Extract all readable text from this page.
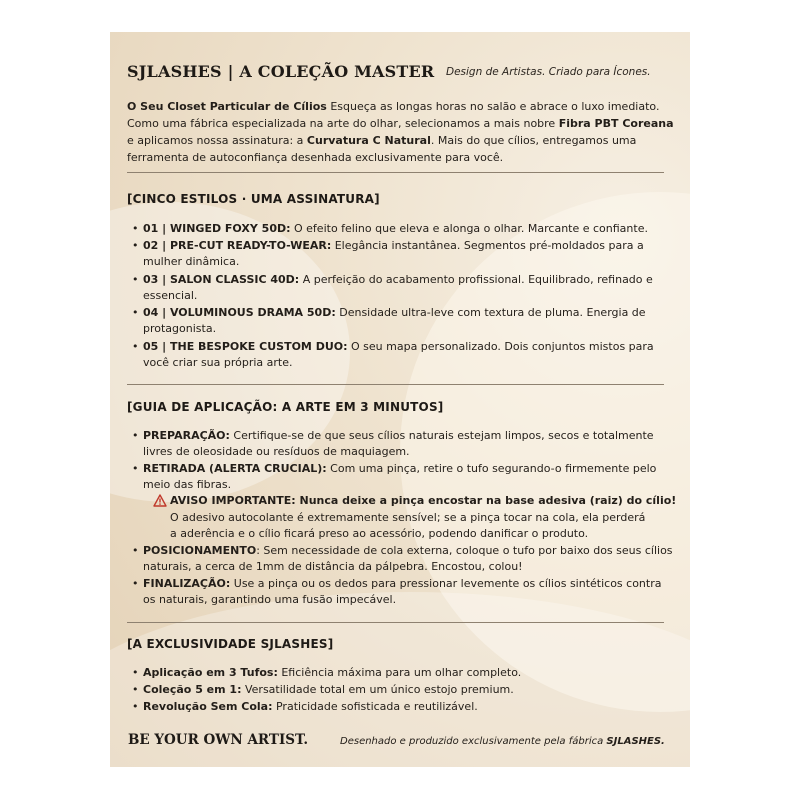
SJLASHES | A COLEÇÃO MASTER Design de Artistas. Criado para Ícones.
O Seu Closet Particular de Cílios Esqueça as longas horas no salão e abrace o luxo imediato. Como uma fábrica especializada na arte do olhar, selecionamos a mais nobre Fibra PBT Coreana e aplicamos nossa assinatura: a Curvatura C Natural. Mais do que cílios, entregamos uma ferramenta de autoconfiança desenhada exclusivamente para você.
[CINCO ESTILOS · UMA ASSINATURA]
• 01 | WINGED FOXY 50D: O efeito felino que eleva e alonga o olhar. Marcante e confiante.
• 02 | PRE-CUT READY-TO-WEAR: Elegância instantânea. Segmentos pré-moldados para a
mulher dinâmica.
• 03 | SALON CLASSIC 40D: A perfeição do acabamento profissional. Equilibrado, refinado e
essencial.
• 04 | VOLUMINOUS DRAMA 50D: Densidade ultra-leve com textura de pluma. Energia de
protagonista.
• 05 | THE BESPOKE CUSTOM DUO: O seu mapa personalizado. Dois conjuntos mistos para
você criar sua própria arte.
[GUIA DE APLICAÇÃO: A ARTE EM 3 MINUTOS]
• PREPARAÇÃO: Certifique-se de que seus cílios naturais estejam limpos, secos e totalmente
livres de oleosidade ou resíduos de maquiagem.
• RETIRADA (ALERTA CRUCIAL): Com uma pinça, retire o tufo segurando-o firmemente pelo
meio das fibras.
AVISO IMPORTANTE: Nunca deixe a pinça encostar na base adesiva (raiz) do cílio!
O adesivo autocolante é extremamente sensível; se a pinça tocar na cola, ela perderá
a aderência e o cílio ficará preso ao acessório, podendo danificar o produto.
• POSICIONAMENTO: Sem necessidade de cola externa, coloque o tufo por baixo dos seus cílios
naturais, a cerca de 1mm de distância da pálpebra. Encostou, colou!
• FINALIZAÇÃO: Use a pinça ou os dedos para pressionar levemente os cílios sintéticos contra
os naturais, garantindo uma fusão impecável.
[A EXCLUSIVIDADE SJLASHES]
• Aplicação em 3 Tufos: Eficiência máxima para um olhar completo.
• Coleção 5 em 1: Versatilidade total em um único estojo premium.
• Revolução Sem Cola: Praticidade sofisticada e reutilizável.
BE YOUR OWN ARTIST.	Desenhado e produzido exclusivamente pela fábrica SJLASHES.
